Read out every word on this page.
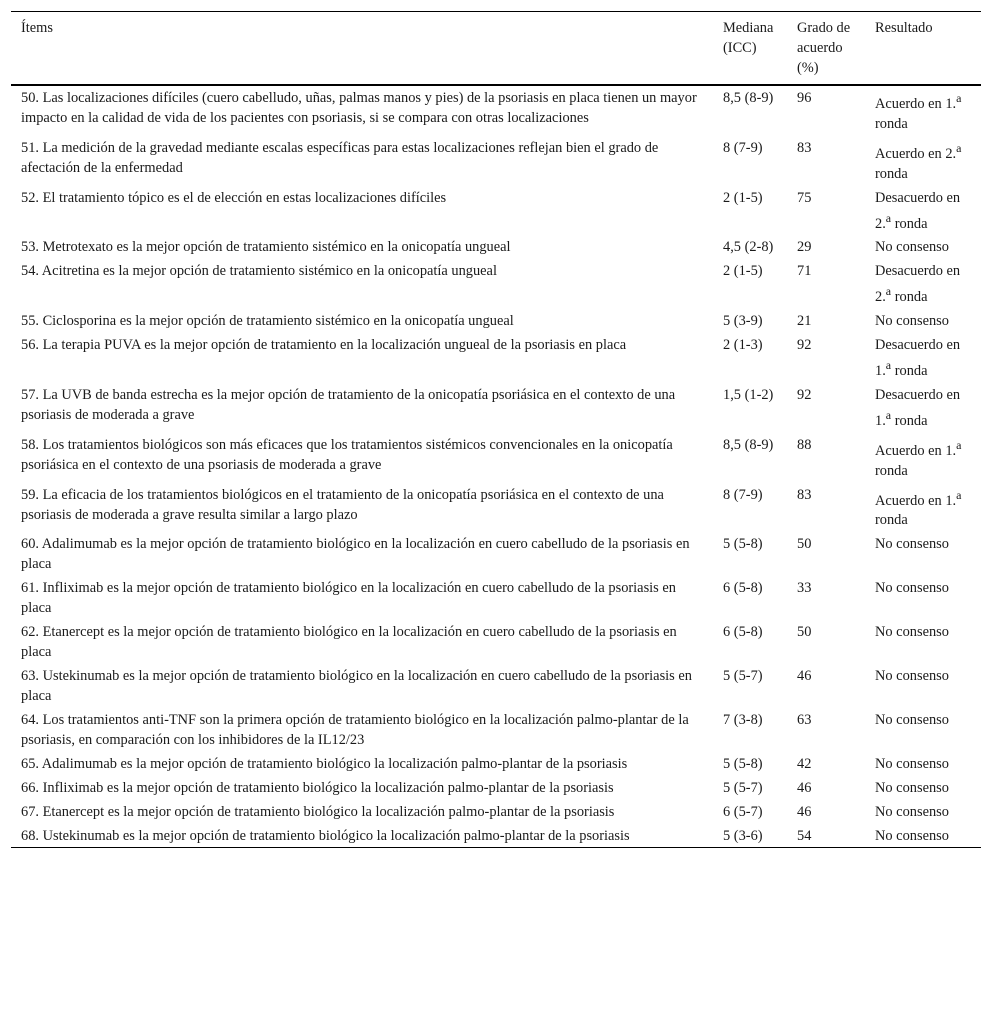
Ítems	Mediana (ICC)	Grado de acuerdo (%)	Resultado
50. Las localizaciones difíciles (cuero cabelludo, uñas, palmas manos y pies) de la psoriasis en placa tienen un mayor impacto en la calidad de vida de los pacientes con psoriasis, si se compara con otras localizaciones	8,5 (8-9)	96	Acuerdo en 1.$^a$ ronda
51. La medición de la gravedad mediante escalas específicas para estas localizaciones reflejan bien el grado de afectación de la enfermedad	8 (7-9)	83	Acuerdo en 2.$^a$ ronda
52. El tratamiento tópico es el de elección en estas localizaciones difíciles	2 (1-5)	75	Desacuerdo en 2.$^a$ ronda
53. Metrotexato es la mejor opción de tratamiento sistémico en la onicopatía ungueal	4,5 (2-8)	29	No consenso
54. Acitretina es la mejor opción de tratamiento sistémico en la onicopatía ungueal	2 (1-5)	71	Desacuerdo en 2.$^a$ ronda
55. Ciclosporina es la mejor opción de tratamiento sistémico en la onicopatía ungueal	5 (3-9)	21	No consenso
56. La terapia PUVA es la mejor opción de tratamiento en la localización ungueal de la psoriasis en placa	2 (1-3)	92	Desacuerdo en 1.$^a$ ronda
57. La UVB de banda estrecha es la mejor opción de tratamiento de la onicopatía psoriásica en el contexto de una psoriasis de moderada a grave	1,5 (1-2)	92	Desacuerdo en 1.$^a$ ronda
58. Los tratamientos biológicos son más eficaces que los tratamientos sistémicos convencionales en la onicopatía psoriásica en el contexto de una psoriasis de moderada a grave	8,5 (8-9)	88	Acuerdo en 1.$^a$ ronda
59. La eficacia de los tratamientos biológicos en el tratamiento de la onicopatía psoriásica en el contexto de una psoriasis de moderada a grave resulta similar a largo plazo	8 (7-9)	83	Acuerdo en 1.$^a$ ronda
60. Adalimumab es la mejor opción de tratamiento biológico en la localización en cuero cabelludo de la psoriasis en placa	5 (5-8)	50	No consenso
61. Infliximab es la mejor opción de tratamiento biológico en la localización en cuero cabelludo de la psoriasis en placa	6 (5-8)	33	No consenso
62. Etanercept es la mejor opción de tratamiento biológico en la localización en cuero cabelludo de la psoriasis en placa	6 (5-8)	50	No consenso
63. Ustekinumab es la mejor opción de tratamiento biológico en la localización en cuero cabelludo de la psoriasis en placa	5 (5-7)	46	No consenso
64. Los tratamientos anti-TNF son la primera opción de tratamiento biológico en la localización palmo-plantar de la psoriasis, en comparación con los inhibidores de la IL12/23	7 (3-8)	63	No consenso
65. Adalimumab es la mejor opción de tratamiento biológico la localización palmo-plantar de la psoriasis	5 (5-8)	42	No consenso
66. Infliximab es la mejor opción de tratamiento biológico la localización palmo-plantar de la psoriasis	5 (5-7)	46	No consenso
67. Etanercept es la mejor opción de tratamiento biológico la localización palmo-plantar de la psoriasis	6 (5-7)	46	No consenso
68. Ustekinumab es la mejor opción de tratamiento biológico la localización palmo-plantar de la psoriasis	5 (3-6)	54	No consenso
